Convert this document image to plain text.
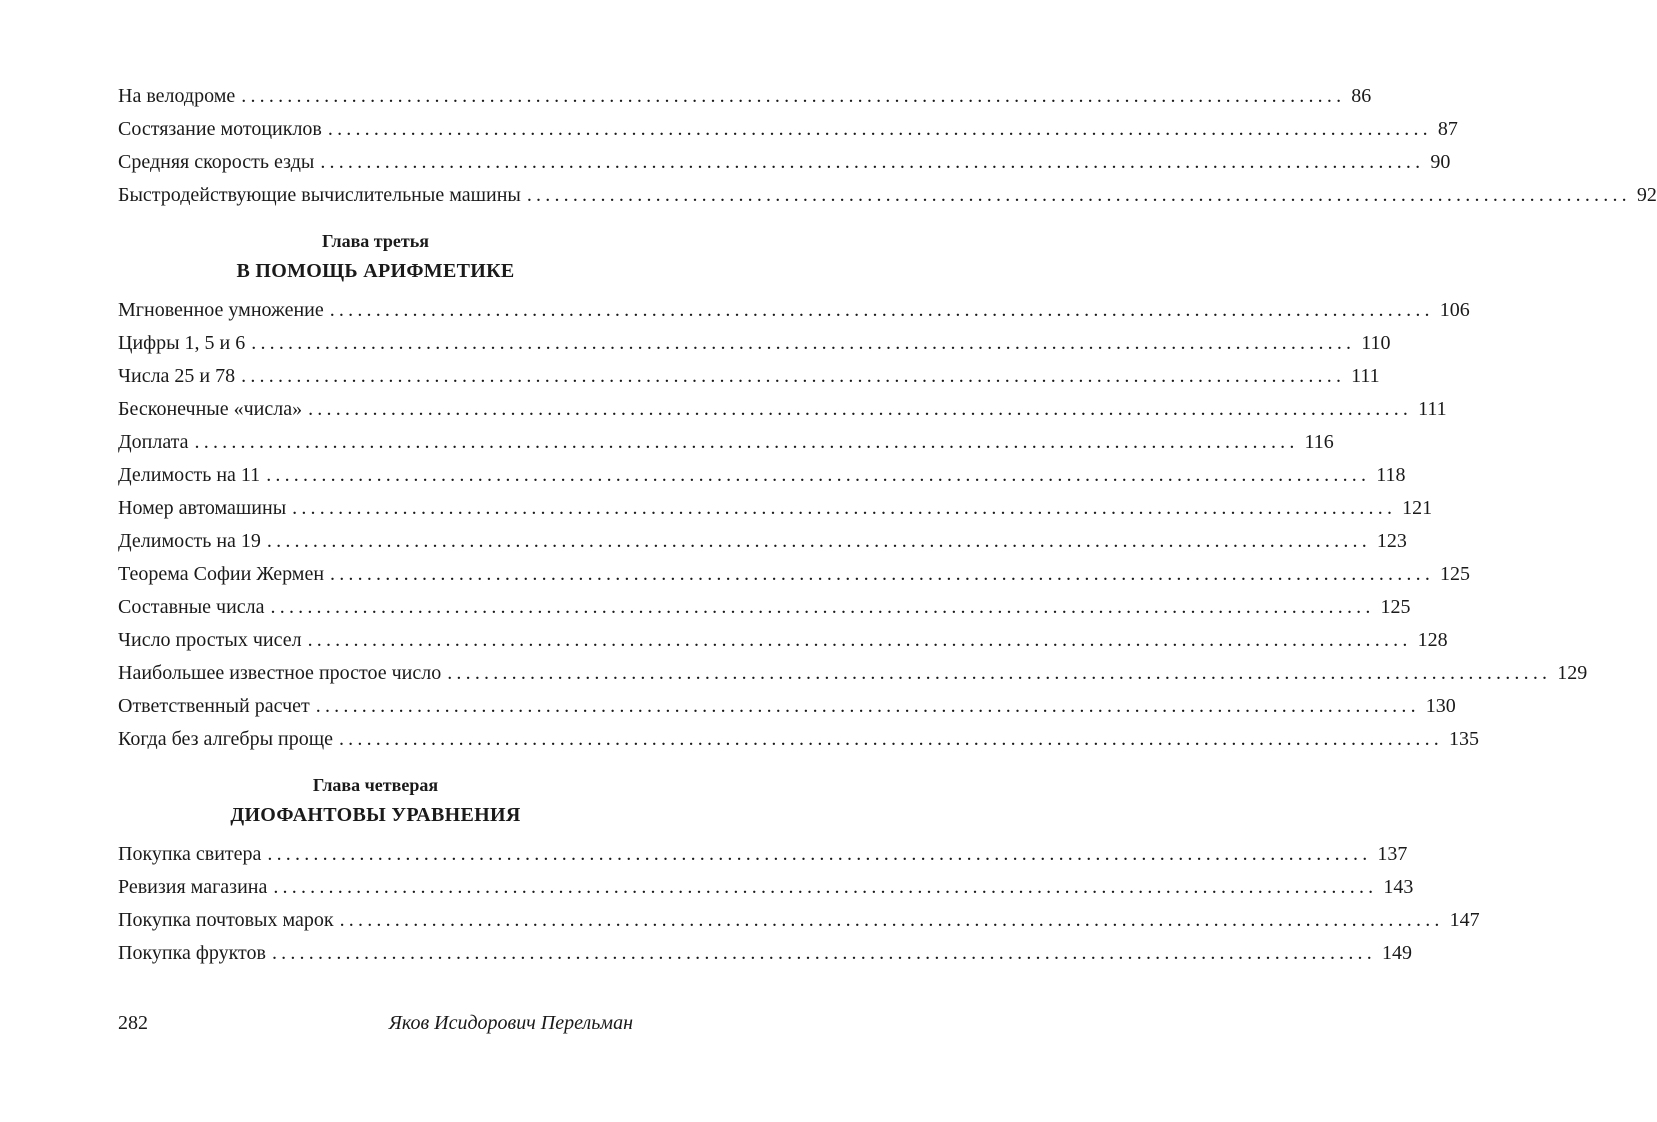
На велодроме ........................................................................................................................ 86
Состязание мотоциклов ........................................................................................................................ 87
Средняя скорость езды ........................................................................................................................ 90
Быстродействующие вычислительные машины ........................................................................................................................ 92
Глава третья
В ПОМОЩЬ АРИФМЕТИКЕ
Мгновенное умножение ........................................................................................................................ 106
Цифры 1, 5 и 6 ........................................................................................................................ 110
Числа 25 и 78 ........................................................................................................................ 111
Бесконечные «числа» ........................................................................................................................ 111
Доплата ........................................................................................................................ 116
Делимость на 11 ........................................................................................................................ 118
Номер автомашины ........................................................................................................................ 121
Делимость на 19 ........................................................................................................................ 123
Теорема Софии Жермен ........................................................................................................................ 125
Составные числа ........................................................................................................................ 125
Число простых чисел ........................................................................................................................ 128
Наибольшее известное простое число ........................................................................................................................ 129
Ответственный расчет ........................................................................................................................ 130
Когда без алгебры проще ........................................................................................................................ 135
Глава четверая
ДИОФАНТОВЫ УРАВНЕНИЯ
Покупка свитера ........................................................................................................................ 137
Ревизия магазина ........................................................................................................................ 143
Покупка почтовых марок ........................................................................................................................ 147
Покупка фруктов ........................................................................................................................ 149
282	Яков Исидорович Перельман
